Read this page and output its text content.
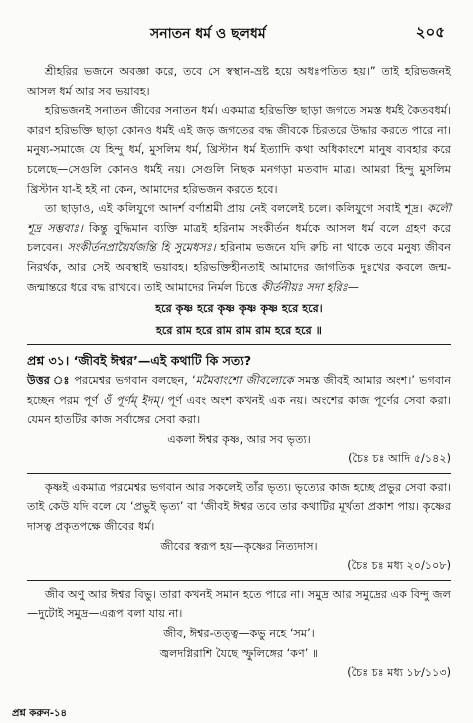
সনাতন ধর্ম ও ছলধর্ম	২০৫

শ্রীহরির ভজনে অবজ্ঞা করে, তবে সে স্বস্থান-ভ্রষ্ট হয়ে অধঃপতিত হয়।” তাই হরিভজনই আসল ধর্ম আর সব ভয়াবহ।

হরিভজনই সনাতন জীবের সনাতন ধর্ম। একমাত্র হরিভক্তি ছাড়া জগতে সমস্ত ধর্মই কৈতবধর্ম। কারণ হরিভক্তি ছাড়া কোনও ধর্মই এই জড় জগতের বদ্ধ জীবকে চিরতরে উদ্ধার করতে পারে না। মনুষ্য-সমাজে যে হিন্দু ধর্ম, মুসলিম ধর্ম, খ্রিস্টান ধর্ম ইত্যাদি কথা অধিকাংশে মানুষ ব্যবহার করে চলেছে—সেগুলি কোনও ধর্মই নয়। সেগুলি নিছক মনগড়া মতবাদ মাত্র। আমরা হিন্দু মুসলিম খ্রিস্টান যা-ই হই না কেন, আমাদের হরিভজন করতে হবে।

তা ছাড়াও, এই কলিযুগে আদর্শ বর্ণাশ্রমী প্রায় নেই বললেই চলে। কলিযুগে সবাই শূদ্র। কলৌ শূদ্র সম্ভবাঃ। কিন্তু বুদ্ধিমান ব্যক্তি মাত্রই হরিনাম সংকীর্তন ধর্মকে আসল ধর্ম বলে গ্রহণ করে চলবেন। সংকীর্তনপ্রায়ৈর্যজন্তি হি সুমেধসঃ। হরিনাম ভজনে যদি রুচি না থাকে তবে মনুষ্য জীবন নিরর্থক, আর সেই অবস্থাই ভয়াবহ। হরিভক্তিহীনতাই আমাদের জাগতিক দুঃখের কবলে জন্ম-জন্মান্তরে ধরে বদ্ধ রাখবে। তাই আমাদের নির্মল চিত্তে কীর্তনীয়ঃ সদা হরিঃ—

হরে কৃষ্ণ হরে কৃষ্ণ কৃষ্ণ কৃষ্ণ হরে হরে।

হরে রাম হরে রাম রাম রাম হরে হরে ॥

প্রশ্ন ৩১। ‘জীবই ঈশ্বর’—এই কথাটি কি সত্য?

উত্তর ঃ পরমেশ্বর ভগবান বলছেন, ‘মমৈবাংশো জীবলোকে সমস্ত জীবই আমার অংশ।’ ভগবান হচ্ছেন পরম পূর্ণ ওঁ পূর্ণম্ ইদম্। পূর্ণ এবং অংশ কখনই এক নয়। অংশের কাজ পূর্ণের সেবা করা। যেমন হাতটির কাজ সর্বাঙ্গের সেবা করা।

একলা ঈশ্বর কৃষ্ণ, আর সব ভৃত্য।

(চৈঃ চঃ আদি ৫/১৪২)

কৃষ্ণই একমাত্র পরমেশ্বর ভগবান আর সকলেই তাঁর ভৃত্য। ভৃত্যের কাজ হচ্ছে প্রভুর সেবা করা। তাই কেউ যদি বলে যে ‘প্রভুই ভৃত্য’ বা ‘জীবই ঈশ্বর তবে তার কথাটির মূর্খতা প্রকাশ পায়। কৃষ্ণের দাসত্ব প্রকৃতপক্ষে জীবের ধর্ম।

জীবের স্বরূপ হয়—কৃষ্ণের নিত্যদাস।

(চৈঃ চঃ মধ্য ২০/১০৮)

জীব অণু আর ঈশ্বর বিভু। তারা কখনই সমান হতে পারে না। সমুদ্র আর সমুদ্রের এক বিন্দু জল—দুটোই সমুদ্র—এরূপ বলা যায় না।

জীব, ঈশ্বর-তত্ত্ব—কভু নহে ‘সম’।

জ্বলদগ্নিরাশি যৈছে স্ফুলিঙ্গের ‘কণ’ ॥

(চৈঃ চঃ মধ্য ১৮/১১৩)

প্রশ্ন করুন-১৪
